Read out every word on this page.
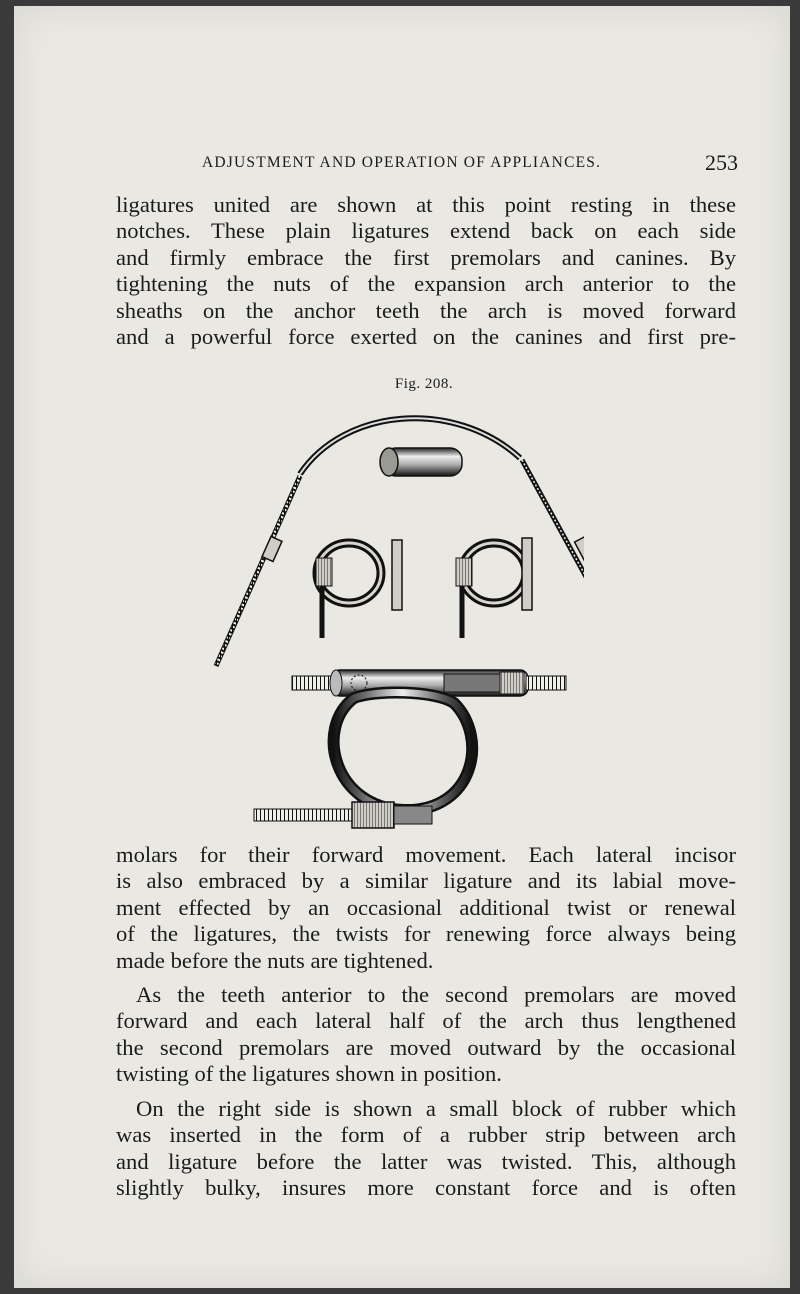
ADJUSTMENT AND OPERATION OF APPLIANCES.	253
ligatures united are shown at this point resting in these
notches. These plain ligatures extend back on each side
and firmly embrace the first premolars and canines. By
tightening the nuts of the expansion arch anterior to the
sheaths on the anchor teeth the arch is moved forward
and a powerful force exerted on the canines and first pre-
Fig. 208.
molars for their forward movement. Each lateral incisor
is also embraced by a similar ligature and its labial move-
ment effected by an occasional additional twist or renewal
of the ligatures, the twists for renewing force always being
made before the nuts are tightened.
As the teeth anterior to the second premolars are moved
forward and each lateral half of the arch thus lengthened
the second premolars are moved outward by the occasional
twisting of the ligatures shown in position.
On the right side is shown a small block of rubber which
was inserted in the form of a rubber strip between arch
and ligature before the latter was twisted. This, although
slightly bulky, insures more constant force and is often
